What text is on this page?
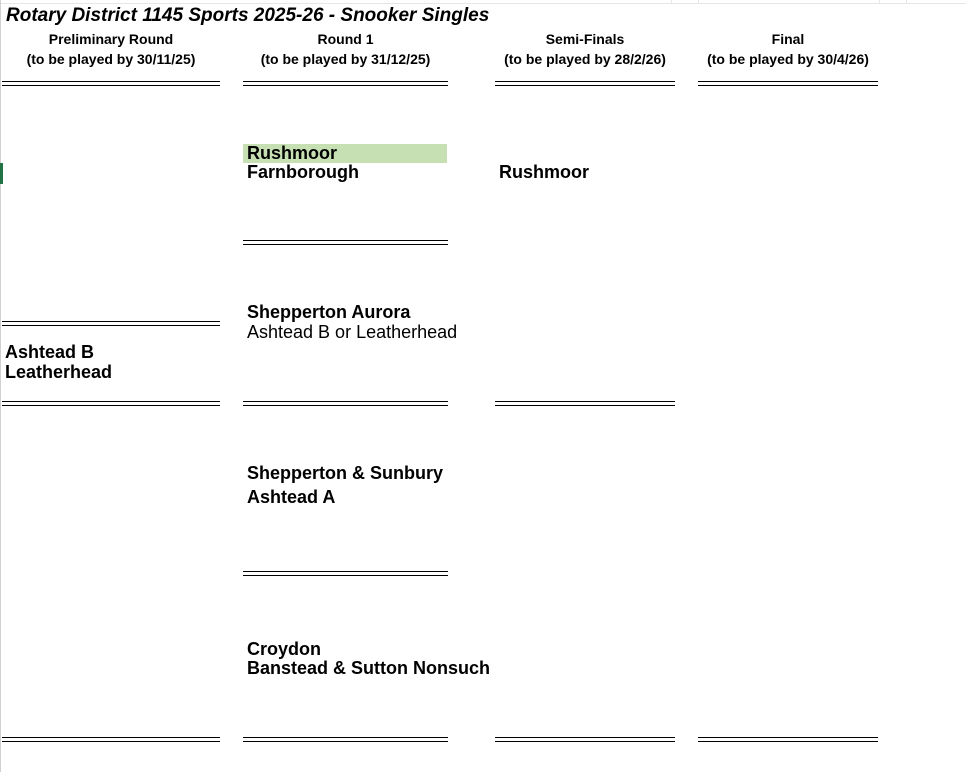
Rotary District 1145 Sports 2025-26 - Snooker Singles
Preliminary Round
(to be played by 30/11/25)
Round 1
(to be played by 31/12/25)
Semi-Finals
(to be played by 28/2/26)
Final
(to be played by 30/4/26)
Ashtead B
Leatherhead
Rushmoor
Farnborough
Shepperton Aurora
Ashtead B or Leatherhead
Shepperton & Sunbury
Ashtead A
Croydon
Banstead & Sutton Nonsuch
Rushmoor
